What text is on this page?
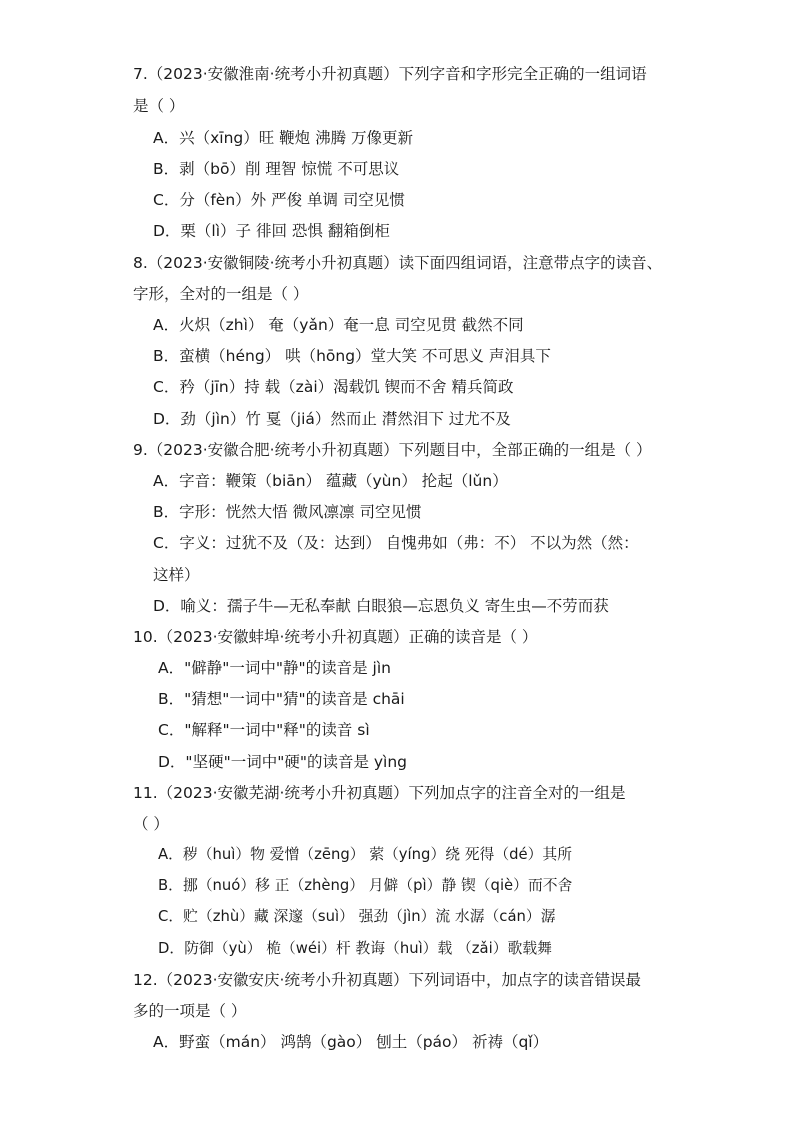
7.（2023·安徽淮南·统考小升初真题）下列字音和字形完全正确的一组词语
是（ ）
A．兴（xīng）旺 鞭炮 沸腾 万像更新
B．剥（bō）削 理智 惊慌 不可思议
C．分（fèn）外 严俊 单调 司空见惯
D．栗（lì）子 徘回 恐惧 翻箱倒柜
8.（2023·安徽铜陵·统考小升初真题）读下面四组词语，注意带点字的读音、
字形，全对的一组是（ ）
A．火炽（zhì） 奄（yǎn）奄一息 司空见贯 截然不同
B．蛮横（héng） 哄（hōng）堂大笑 不可思义 声泪具下
C．矜（jīn）持 载（zài）渴载饥 锲而不舍 精兵简政
D．劲（jìn）竹 戛（jiá）然而止 潸然泪下 过尤不及
9.（2023·安徽合肥·统考小升初真题）下列题目中，全部正确的一组是（ ）
A．字音：鞭策（biān） 蕴藏（yùn） 抡起（lǔn）
B．字形：恍然大悟 微风凛凛 司空见惯
C．字义：过犹不及（及：达到） 自愧弗如（弗：不） 不以为然（然：
这样）
D．喻义：孺子牛—无私奉献 白眼狼—忘恩负义 寄生虫—不劳而获
10.（2023·安徽蚌埠·统考小升初真题）正确的读音是（ ）
A．"僻静"一词中"静"的读音是 jìn
B．"猜想"一词中"猜"的读音是 chāi
C．"解释"一词中"释"的读音 sì
D．"坚硬"一词中"硬"的读音是 yìng
11.（2023·安徽芜湖·统考小升初真题）下列加点字的注音全对的一组是
（ ）
A．秽（huì）物 爱憎（zēng） 萦（yíng）绕 死得（dé）其所
B．挪（nuó）移 正（zhèng） 月僻（pì）静 锲（qiè）而不舍
C．贮（zhù）藏 深邃（suì） 强劲（jìn）流 水潺（cán）潺
D．防御（yù） 桅（wéi）杆 教诲（huì）载 （zǎi）歌载舞
12.（2023·安徽安庆·统考小升初真题）下列词语中，加点字的读音错误最
多的一项是（ ）
A．野蛮（mán） 鸿鹄（gào） 刨土（páo） 祈祷（qǐ）
